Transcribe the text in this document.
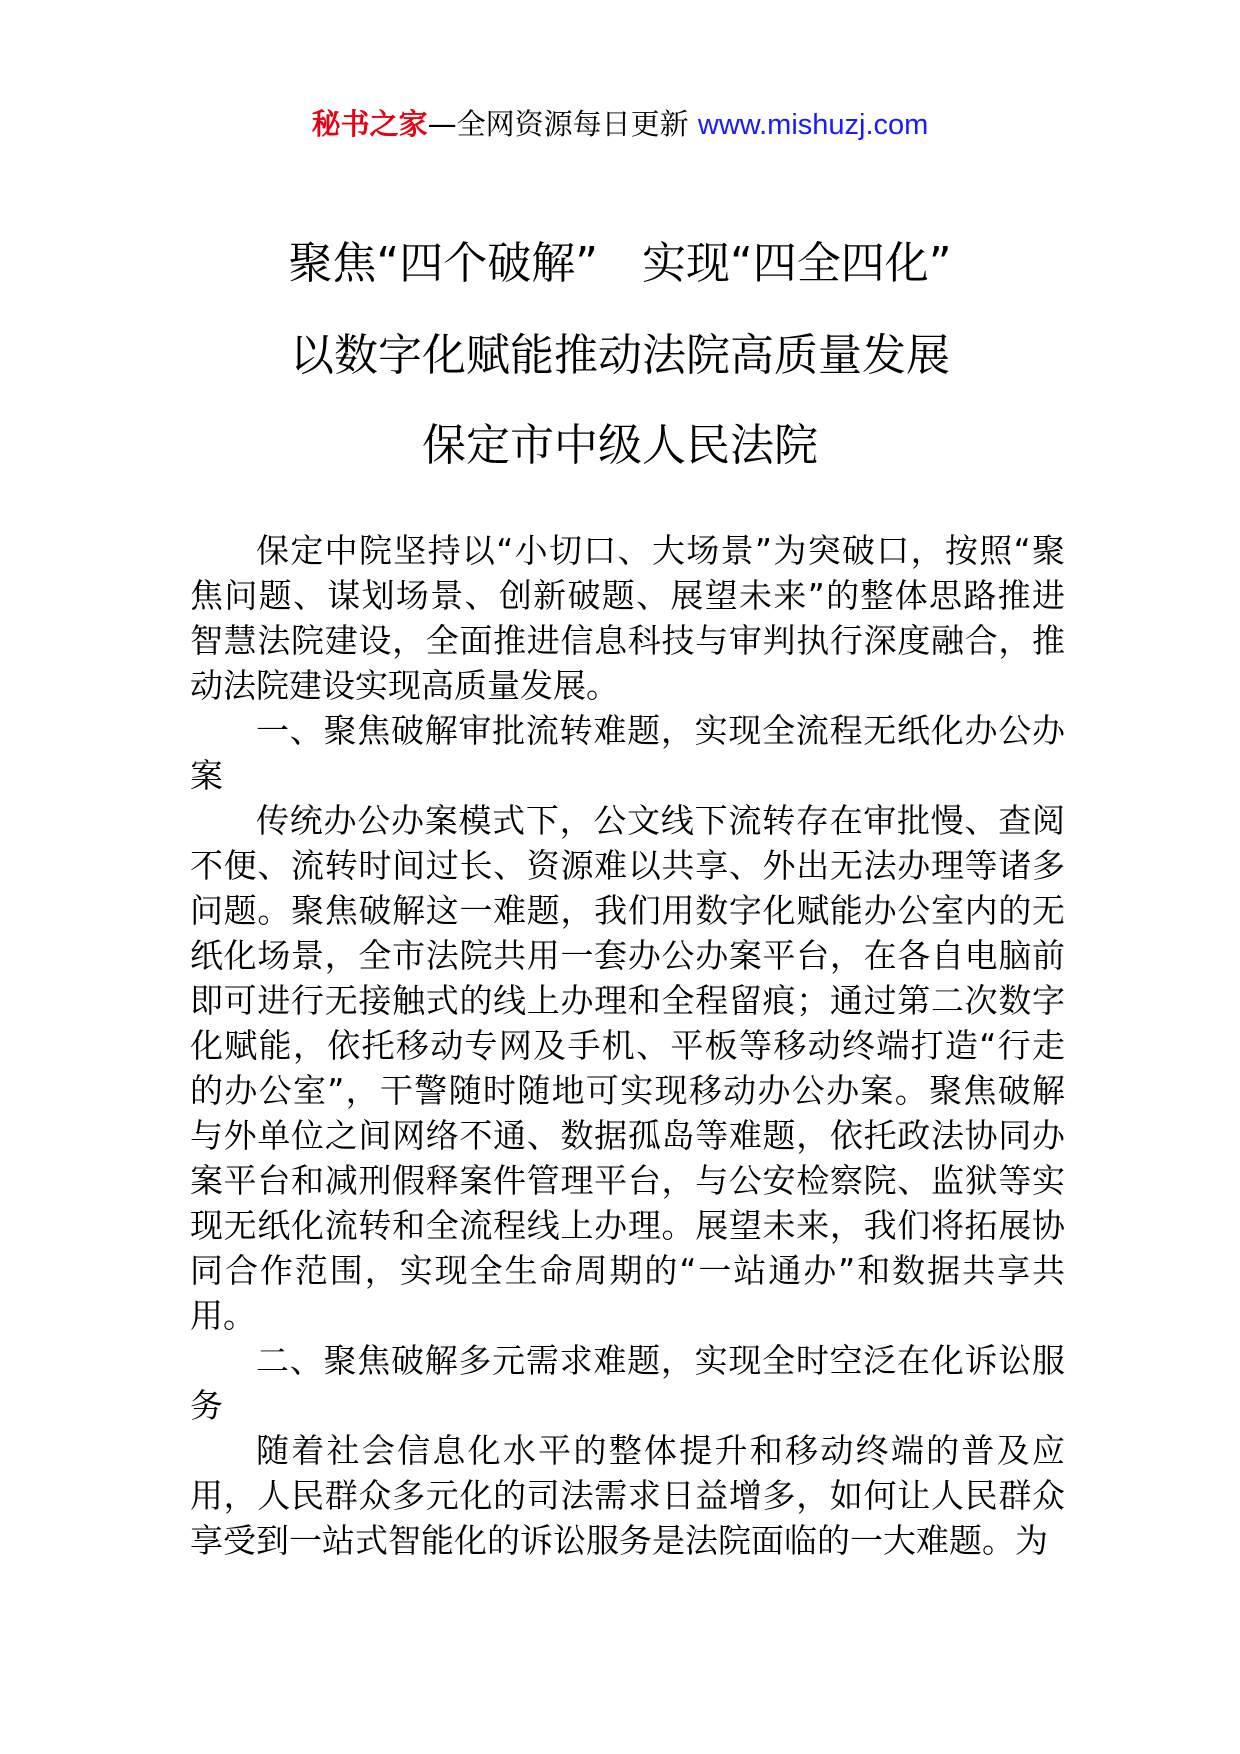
秘书之家—全网资源每日更新 www.mishuzj.com
聚焦“四个破解”　实现“四全四化”
以数字化赋能推动法院高质量发展
保定市中级人民法院

保定中院坚持以“小切口、大场景”为突破口，按照“聚焦问题、谋划场景、创新破题、展望未来”的整体思路推进智慧法院建设，全面推进信息科技与审判执行深度融合，推动法院建设实现高质量发展。

一、聚焦破解审批流转难题，实现全流程无纸化办公办案

传统办公办案模式下，公文线下流转存在审批慢、查阅不便、流转时间过长、资源难以共享、外出无法办理等诸多问题。聚焦破解这一难题，我们用数字化赋能办公室内的无纸化场景，全市法院共用一套办公办案平台，在各自电脑前即可进行无接触式的线上办理和全程留痕；通过第二次数字化赋能，依托移动专网及手机、平板等移动终端打造“行走的办公室”，干警随时随地可实现移动办公办案。聚焦破解与外单位之间网络不通、数据孤岛等难题，依托政法协同办案平台和减刑假释案件管理平台，与公安检察院、监狱等实现无纸化流转和全流程线上办理。展望未来，我们将拓展协同合作范围，实现全生命周期的“一站通办”和数据共享共用。

二、聚焦破解多元需求难题，实现全时空泛在化诉讼服务

随着社会信息化水平的整体提升和移动终端的普及应用，人民群众多元化的司法需求日益增多，如何让人民群众享受到一站式智能化的诉讼服务是法院面临的一大难题。为
